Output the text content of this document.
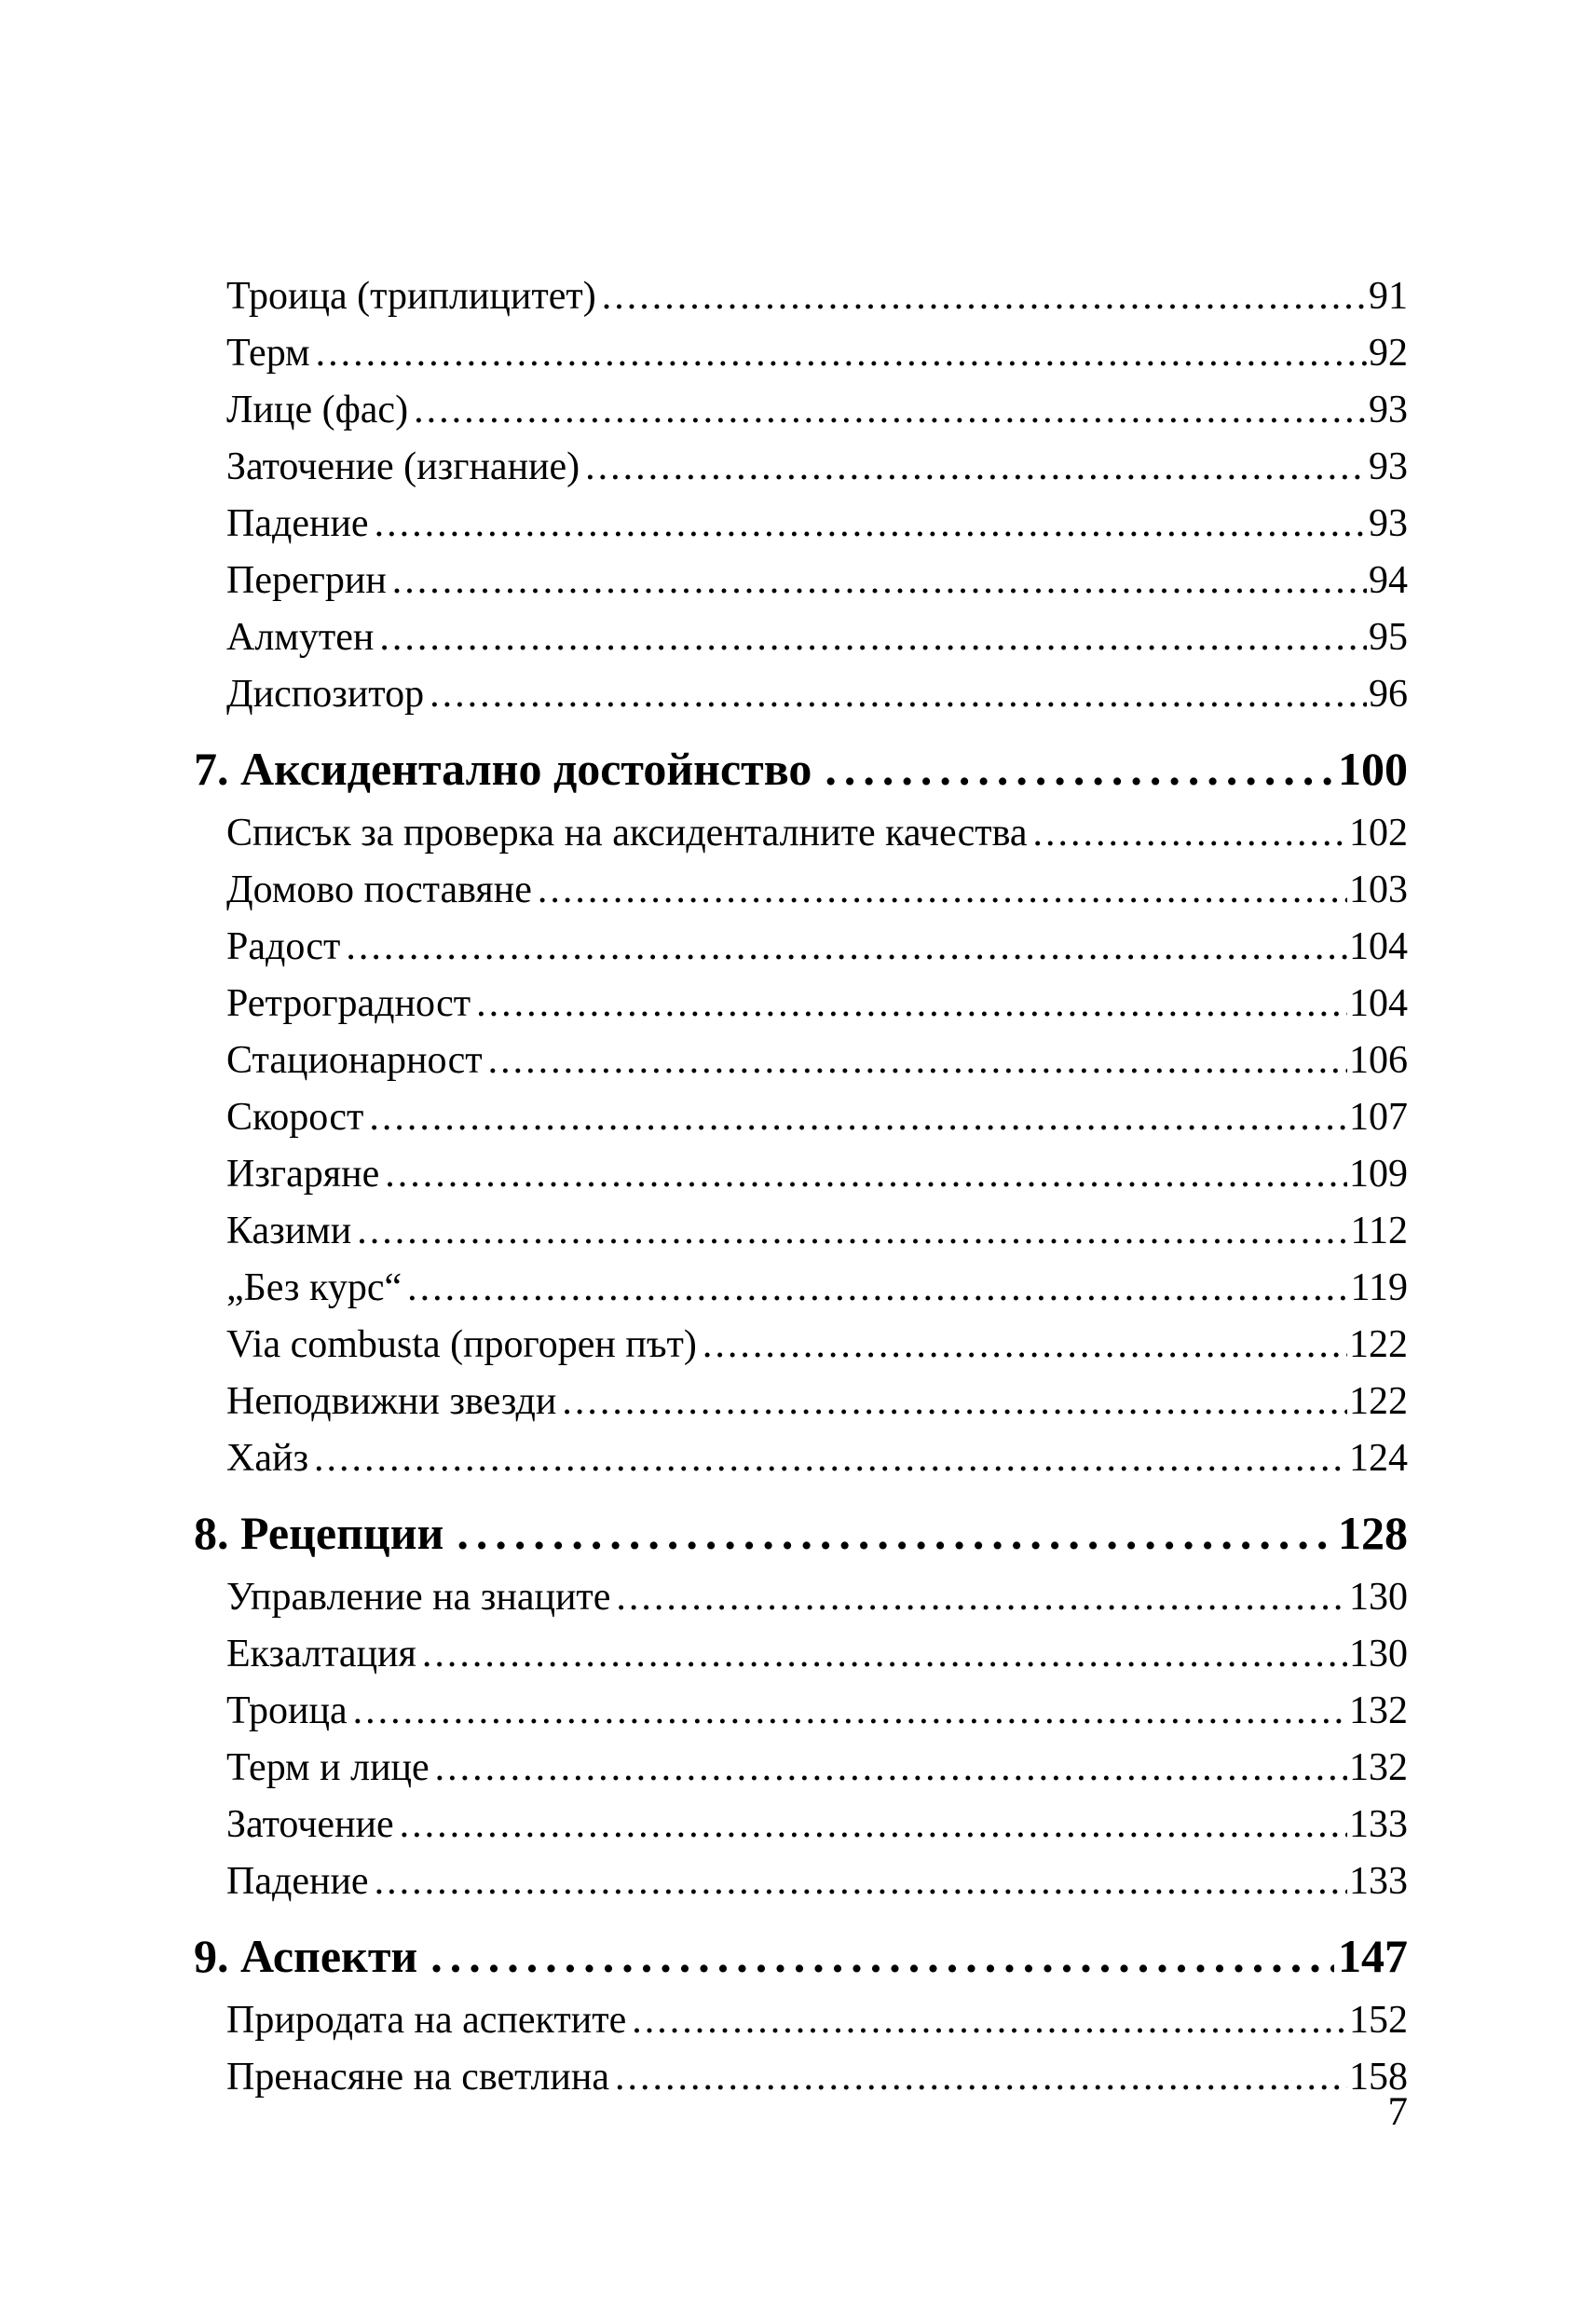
Троица (триплицитет) .....	91
Терм .....	92
Лице (фас) .....	93
Заточение (изгнание) .....	93
Падение .....	93
Перегрин .....	94
Алмутен .....	95
Диспозитор .....	96
7. Аксидентално достойнство .....	100
Списък за проверка на аксиденталните качества .....	102
Домово поставяне .....	103
Радост .....	104
Ретроградност .....	104
Стационарност .....	106
Скорост .....	107
Изгаряне .....	109
Казими .....	112
„Без курс“ .....	119
Via combusta (прогорен път) .....	122
Неподвижни звезди .....	122
Хайз .....	124
8. Рецепции .....	128
Управление на знаците .....	130
Екзалтация .....	130
Троица .....	132
Терм и лице .....	132
Заточение .....	133
Падение .....	133
9. Аспекти .....	147
Природата на аспектите .....	152
Пренасяне на светлина .....	158
7
